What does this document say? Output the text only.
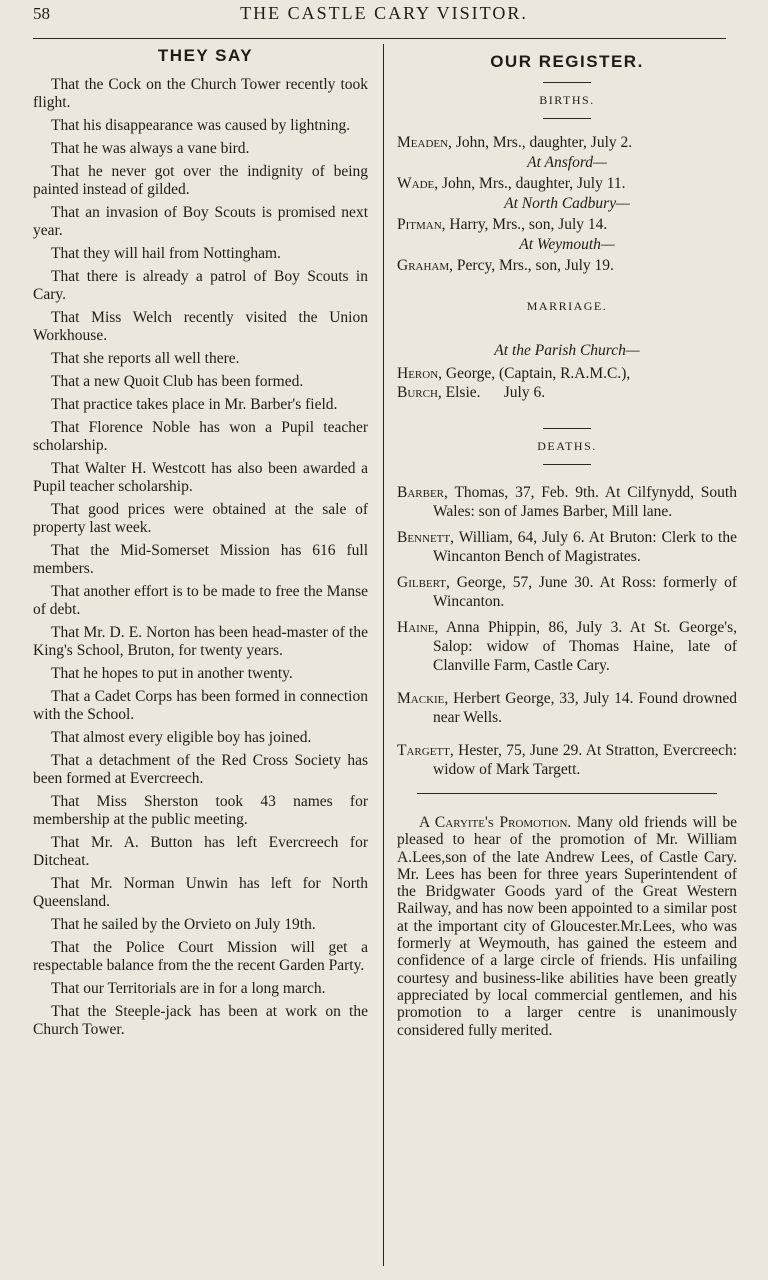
58	THE CASTLE CARY VISITOR.
THEY SAY

That the Cock on the Church Tower recently took flight.

That his disappearance was caused by lightning.

That he was always a vane bird.

That he never got over the indignity of being painted instead of gilded.

That an invasion of Boy Scouts is promised next year.

That they will hail from Nottingham.

That there is already a patrol of Boy Scouts in Cary.

That Miss Welch recently visited the Union Workhouse.

That she reports all well there.

That a new Quoit Club has been formed.

That practice takes place in Mr. Barber's field.

That Florence Noble has won a Pupil teacher scholarship.

That Walter H. Westcott has also been awarded a Pupil teacher scholarship.

That good prices were obtained at the sale of property last week.

That the Mid-Somerset Mission has 616 full members.

That another effort is to be made to free the Manse of debt.

That Mr. D. E. Norton has been head-master of the King's School, Bruton, for twenty years.

That he hopes to put in another twenty.

That a Cadet Corps has been formed in connection with the School.

That almost every eligible boy has joined.

That a detachment of the Red Cross Society has been formed at Evercreech.

That Miss Sherston took 43 names for membership at the public meeting.

That Mr. A. Button has left Evercreech for Ditcheat.

That Mr. Norman Unwin has left for North Queensland.

That he sailed by the Orvieto on July 19th.

That the Police Court Mission will get a respectable balance from the the recent Garden Party.

That our Territorials are in for a long march.

That the Steeple-jack has been at work on the Church Tower.

OUR REGISTER.
BIRTHS.

Meaden, John, Mrs., daughter, July 2.

At Ansford—

Wade, John, Mrs., daughter, July 11.

At North Cadbury—

Pitman, Harry, Mrs., son, July 14.

At Weymouth—

Graham, Percy, Mrs., son, July 19.

MARRIAGE.

At the Parish Church—

Heron, George, (Captain, R.A.M.C.),
Burch, Elsie.      July 6.

DEATHS.

Barber, Thomas, 37, Feb. 9th. At Cilfynydd, South Wales: son of James Barber, Mill lane.

Bennett, William, 64, July 6. At Bruton: Clerk to the Wincanton Bench of Magistrates.

Gilbert, George, 57, June 30. At Ross: formerly of Wincanton.

Haine, Anna Phippin, 86, July 3. At St. George's, Salop: widow of Thomas Haine, late of Clanville Farm, Castle Cary.

Mackie, Herbert George, 33, July 14. Found drowned near Wells.

Targett, Hester, 75, June 29. At Stratton, Evercreech: widow of Mark Targett.

A Caryite's Promotion. Many old friends will be pleased to hear of the promotion of Mr. William A.Lees,son of the late Andrew Lees, of Castle Cary. Mr. Lees has been for three years Superintendent of the Bridgwater Goods yard of the Great Western Railway, and has now been appointed to a similar post at the important city of Gloucester.Mr.Lees, who was formerly at Weymouth, has gained the esteem and confidence of a large circle of friends. His unfailing courtesy and business-like abilities have been greatly appreciated by local commercial gentlemen, and his promotion to a larger centre is unanimously considered fully merited.
